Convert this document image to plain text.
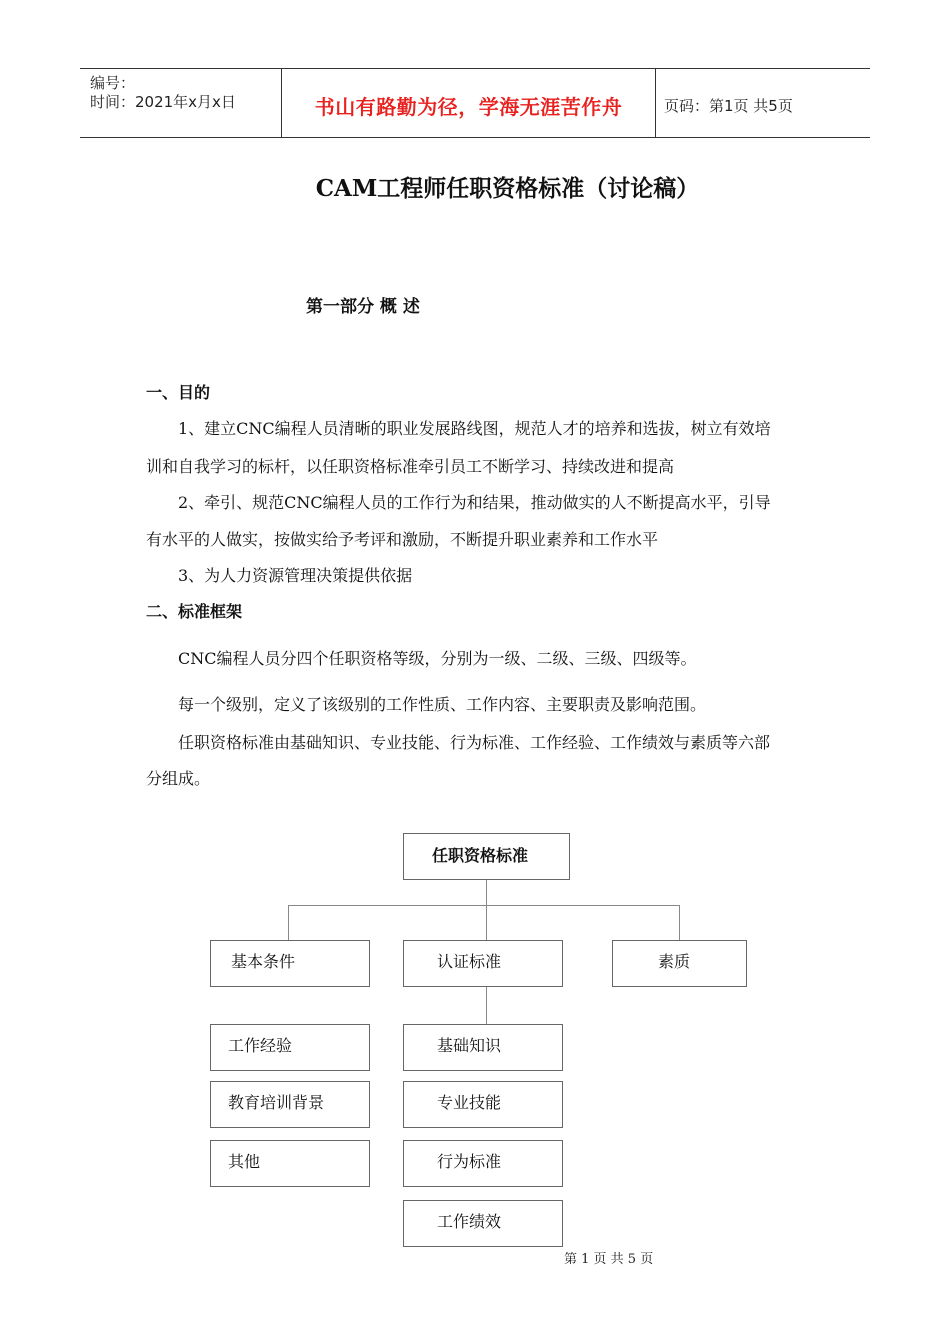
编号：
时间：2021年x月x日	书山有路勤为径，学海无涯苦作舟	页码：第1页 共5页
CAM工程师任职资格标准（讨论稿）
第一部分 概 述
一、目的
1、建立CNC编程人员清晰的职业发展路线图，规范人才的培养和选拔，树立有效培
训和自我学习的标杆，以任职资格标准牵引员工不断学习、持续改进和提高
2、牵引、规范CNC编程人员的工作行为和结果，推动做实的人不断提高水平，引导
有水平的人做实，按做实给予考评和激励，不断提升职业素养和工作水平
3、为人力资源管理决策提供依据
二、标准框架
CNC编程人员分四个任职资格等级，分别为一级、二级、三级、四级等。
每一个级别，定义了该级别的工作性质、工作内容、主要职责及影响范围。
任职资格标准由基础知识、专业技能、行为标准、工作经验、工作绩效与素质等六部
分组成。
任职资格标准
基本条件	认证标准	素质
工作经验
教育培训背景
其他
基础知识
专业技能
行为标准
工作绩效
第 1 页 共 5 页
